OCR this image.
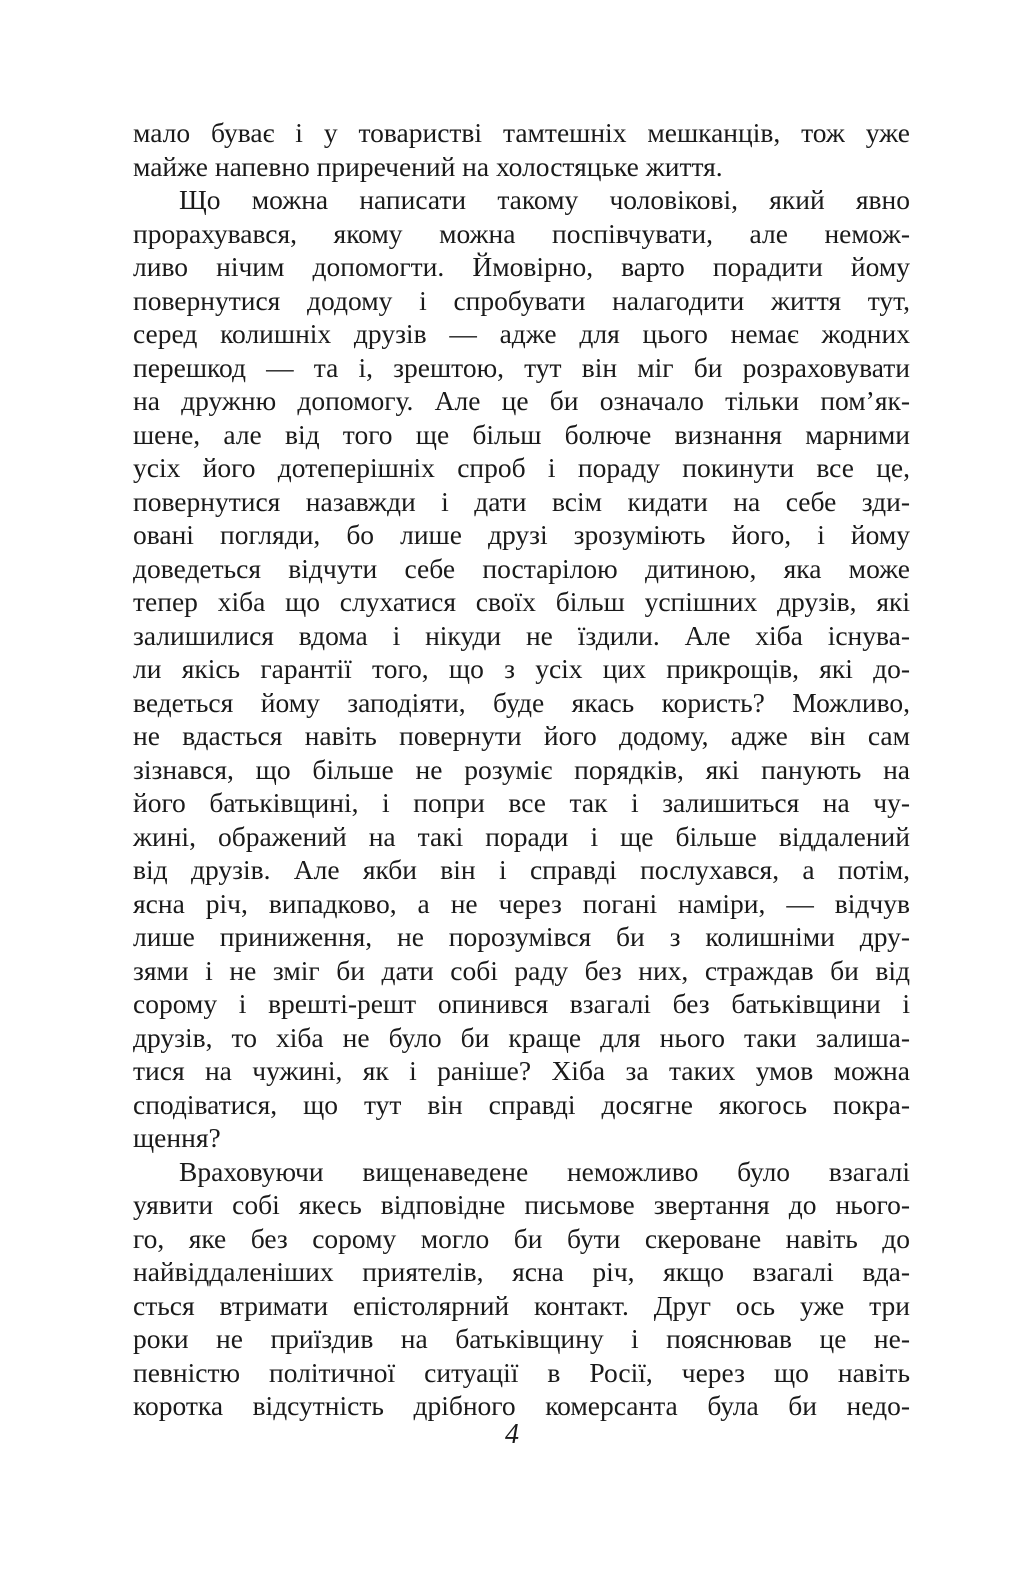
мало буває і у товаристві тамтешніх мешканців, тож уже
майже напевно приречений на холостяцьке життя.
Що можна написати такому чоловікові, який явно
прорахувався, якому можна поспівчувати, але немож-
ливо нічим допомогти. Ймовірно, варто порадити йому
повернутися додому і спробувати налагодити життя тут,
серед колишніх друзів — адже для цього немає жодних
перешкод — та і, зрештою, тут він міг би розраховувати
на дружню допомогу. Але це би означало тільки пом’як-
шене, але від того ще більш болюче визнання марними
усіх його дотеперішніх спроб і пораду покинути все це,
повернутися назавжди і дати всім кидати на себе зди-
овані погляди, бо лише друзі зрозуміють його, і йому
доведеться відчути себе постарілою дитиною, яка може
тепер хіба що слухатися своїх більш успішних друзів, які
залишилися вдома і нікуди не їздили. Але хіба існува-
ли якісь гарантії того, що з усіх цих прикрощів, які до-
ведеться йому заподіяти, буде якась користь? Можливо,
не вдасться навіть повернути його додому, адже він сам
зізнався, що більше не розуміє порядків, які панують на
його батьківщині, і попри все так і залишиться на чу-
жині, ображений на такі поради і ще більше віддалений
від друзів. Але якби він і справді послухався, а потім,
ясна річ, випадково, а не через погані наміри, — відчув
лише приниження, не порозумівся би з колишніми дру-
зями і не зміг би дати собі раду без них, страждав би від
сорому і врешті-решт опинився взагалі без батьківщини і
друзів, то хіба не було би краще для нього таки залиша-
тися на чужині, як і раніше? Хіба за таких умов можна
сподіватися, що тут він справді досягне якогось покра-
щення?
Враховуючи вищенаведене неможливо було взагалі
уявити собі якесь відповідне письмове звертання до нього-
го, яке без сорому могло би бути скероване навіть до
найвіддаленіших приятелів, ясна річ, якщо взагалі вда-
сться втримати епістолярний контакт. Друг ось уже три
роки не приїздив на батьківщину і пояснював це не-
певністю політичної ситуації в Росії, через що навіть
коротка відсутність дрібного комерсанта була би недо-
4
